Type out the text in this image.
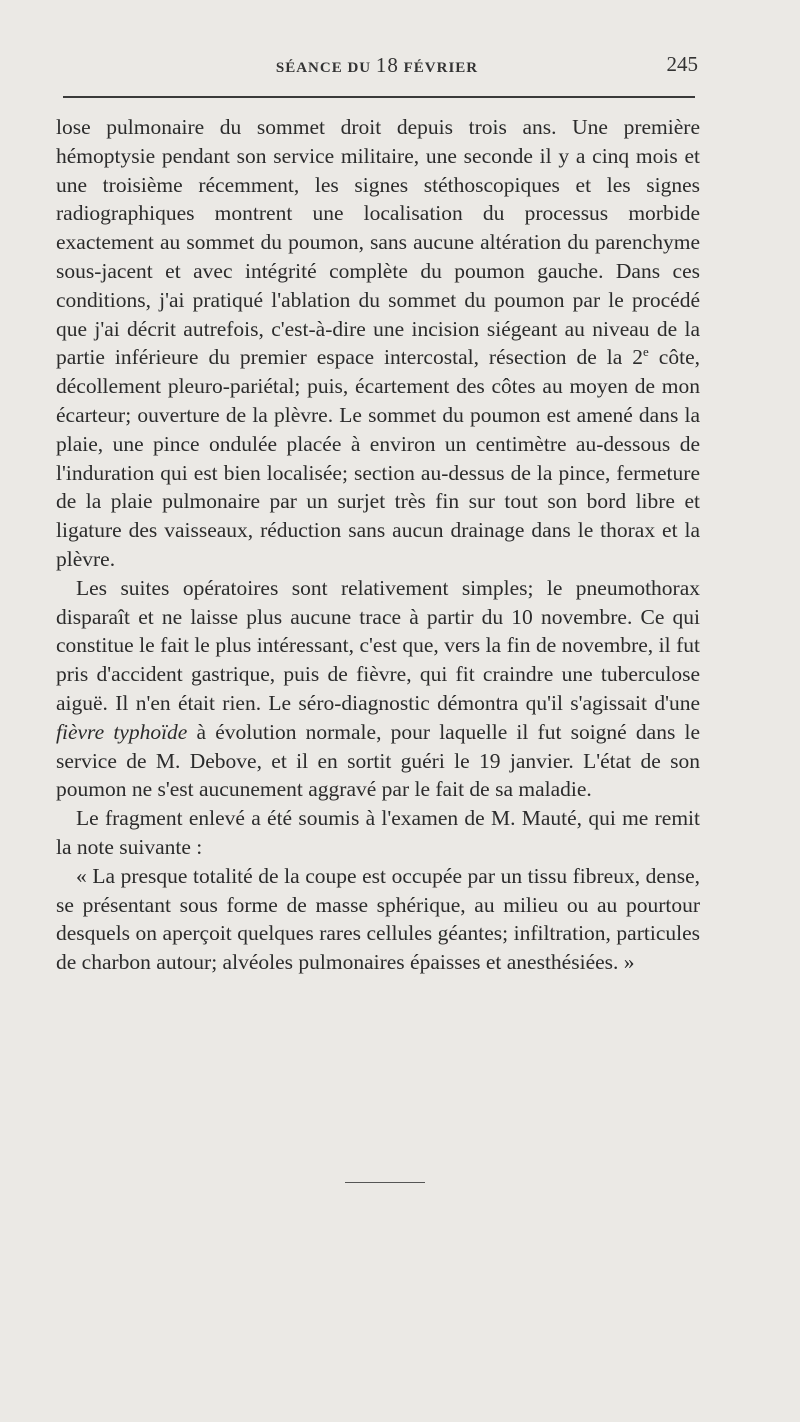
SÉANCE DU 18 FÉVRIER	245

lose pulmonaire du sommet droit depuis trois ans. Une première hémoptysie pendant son service militaire, une seconde il y a cinq mois et une troisième récemment, les signes stéthoscopiques et les signes radiographiques montrent une localisation du processus morbide exactement au sommet du poumon, sans aucune altération du parenchyme sous-jacent et avec intégrité complète du poumon gauche. Dans ces conditions, j'ai pratiqué l'ablation du sommet du poumon par le procédé que j'ai décrit autrefois, c'est-à-dire une incision siégeant au niveau de la partie inférieure du premier espace intercostal, résection de la 2e côte, décollement pleuro-pariétal; puis, écartement des côtes au moyen de mon écarteur; ouverture de la plèvre. Le sommet du poumon est amené dans la plaie, une pince ondulée placée à environ un centimètre au-dessous de l'induration qui est bien localisée; section au-dessus de la pince, fermeture de la plaie pulmonaire par un surjet très fin sur tout son bord libre et ligature des vaisseaux, réduction sans aucun drainage dans le thorax et la plèvre.

Les suites opératoires sont relativement simples; le pneumothorax disparaît et ne laisse plus aucune trace à partir du 10 novembre. Ce qui constitue le fait le plus intéressant, c'est que, vers la fin de novembre, il fut pris d'accident gastrique, puis de fièvre, qui fit craindre une tuberculose aiguë. Il n'en était rien. Le séro-diagnostic démontra qu'il s'agissait d'une fièvre typhoïde à évolution normale, pour laquelle il fut soigné dans le service de M. Debove, et il en sortit guéri le 19 janvier. L'état de son poumon ne s'est aucunement aggravé par le fait de sa maladie.

Le fragment enlevé a été soumis à l'examen de M. Mauté, qui me remit la note suivante :

« La presque totalité de la coupe est occupée par un tissu fibreux, dense, se présentant sous forme de masse sphérique, au milieu ou au pourtour desquels on aperçoit quelques rares cellules géantes; infiltration, particules de charbon autour; alvéoles pulmonaires épaisses et anesthésiées. »
